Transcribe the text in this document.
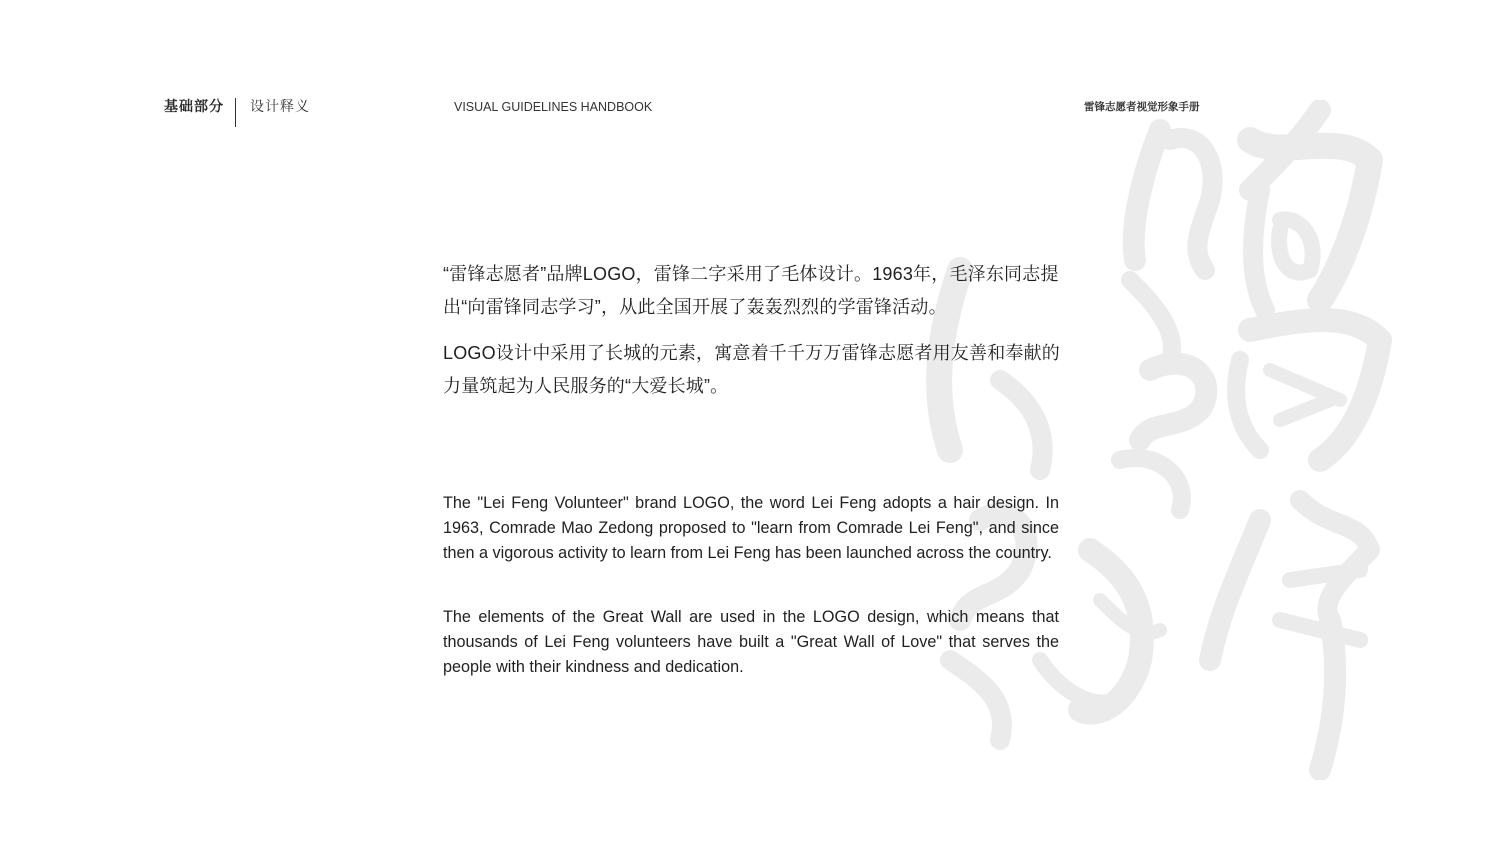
基础部分 设计释义	VISUAL GUIDELINES HANDBOOK	雷锋志愿者视觉形象手册

“雷锋志愿者”品牌LOGO，雷锋二字采用了毛体设计。1963年，毛泽东同志提出“向雷锋同志学习”，从此全国开展了轰轰烈烈的学雷锋活动。

LOGO设计中采用了长城的元素，寓意着千千万万雷锋志愿者用友善和奉献的力量筑起为人民服务的“大爱长城”。

The "Lei Feng Volunteer" brand LOGO, the word Lei Feng adopts a hair design. In 1963, Comrade Mao Zedong proposed to "learn from Comrade Lei Feng", and since then a vigorous activity to learn from Lei Feng has been launched across the country.

The elements of the Great Wall are used in the LOGO design, which means that thousands of Lei Feng volunteers have built a "Great Wall of Love" that serves the people with their kindness and dedication.
